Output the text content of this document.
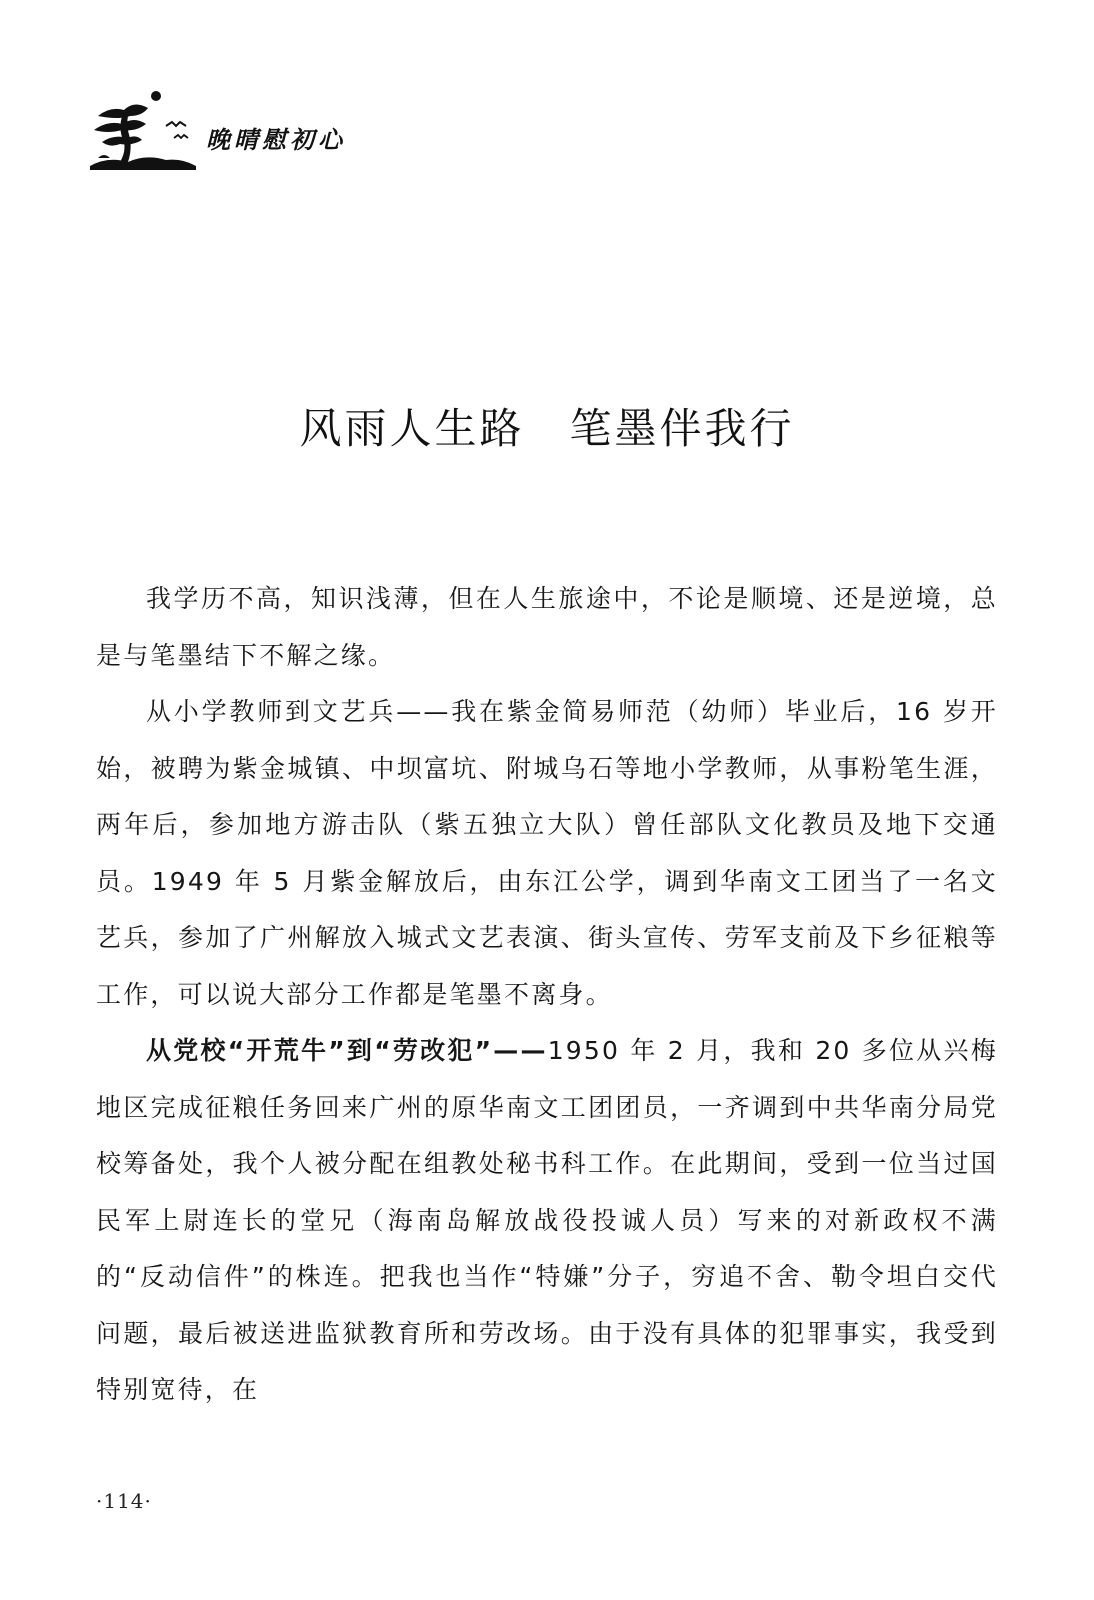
晚晴慰初心
风雨人生路　笔墨伴我行

我学历不高，知识浅薄，但在人生旅途中，不论是顺境、还是逆境，总是与笔墨结下不解之缘。

从小学教师到文艺兵——我在紫金简易师范（幼师）毕业后，16 岁开始，被聘为紫金城镇、中坝富坑、附城乌石等地小学教师，从事粉笔生涯，两年后，参加地方游击队（紫五独立大队）曾任部队文化教员及地下交通员。1949 年 5 月紫金解放后，由东江公学，调到华南文工团当了一名文艺兵，参加了广州解放入城式文艺表演、街头宣传、劳军支前及下乡征粮等工作，可以说大部分工作都是笔墨不离身。

从党校“开荒牛”到“劳改犯”——1950 年 2 月，我和 20 多位从兴梅地区完成征粮任务回来广州的原华南文工团团员，一齐调到中共华南分局党校筹备处，我个人被分配在组教处秘书科工作。在此期间，受到一位当过国民军上尉连长的堂兄（海南岛解放战役投诚人员）写来的对新政权不满的“反动信件”的株连。把我也当作“特嫌”分子，穷追不舍、勒令坦白交代问题，最后被送进监狱教育所和劳改场。由于没有具体的犯罪事实，我受到特别宽待，在

·114·
